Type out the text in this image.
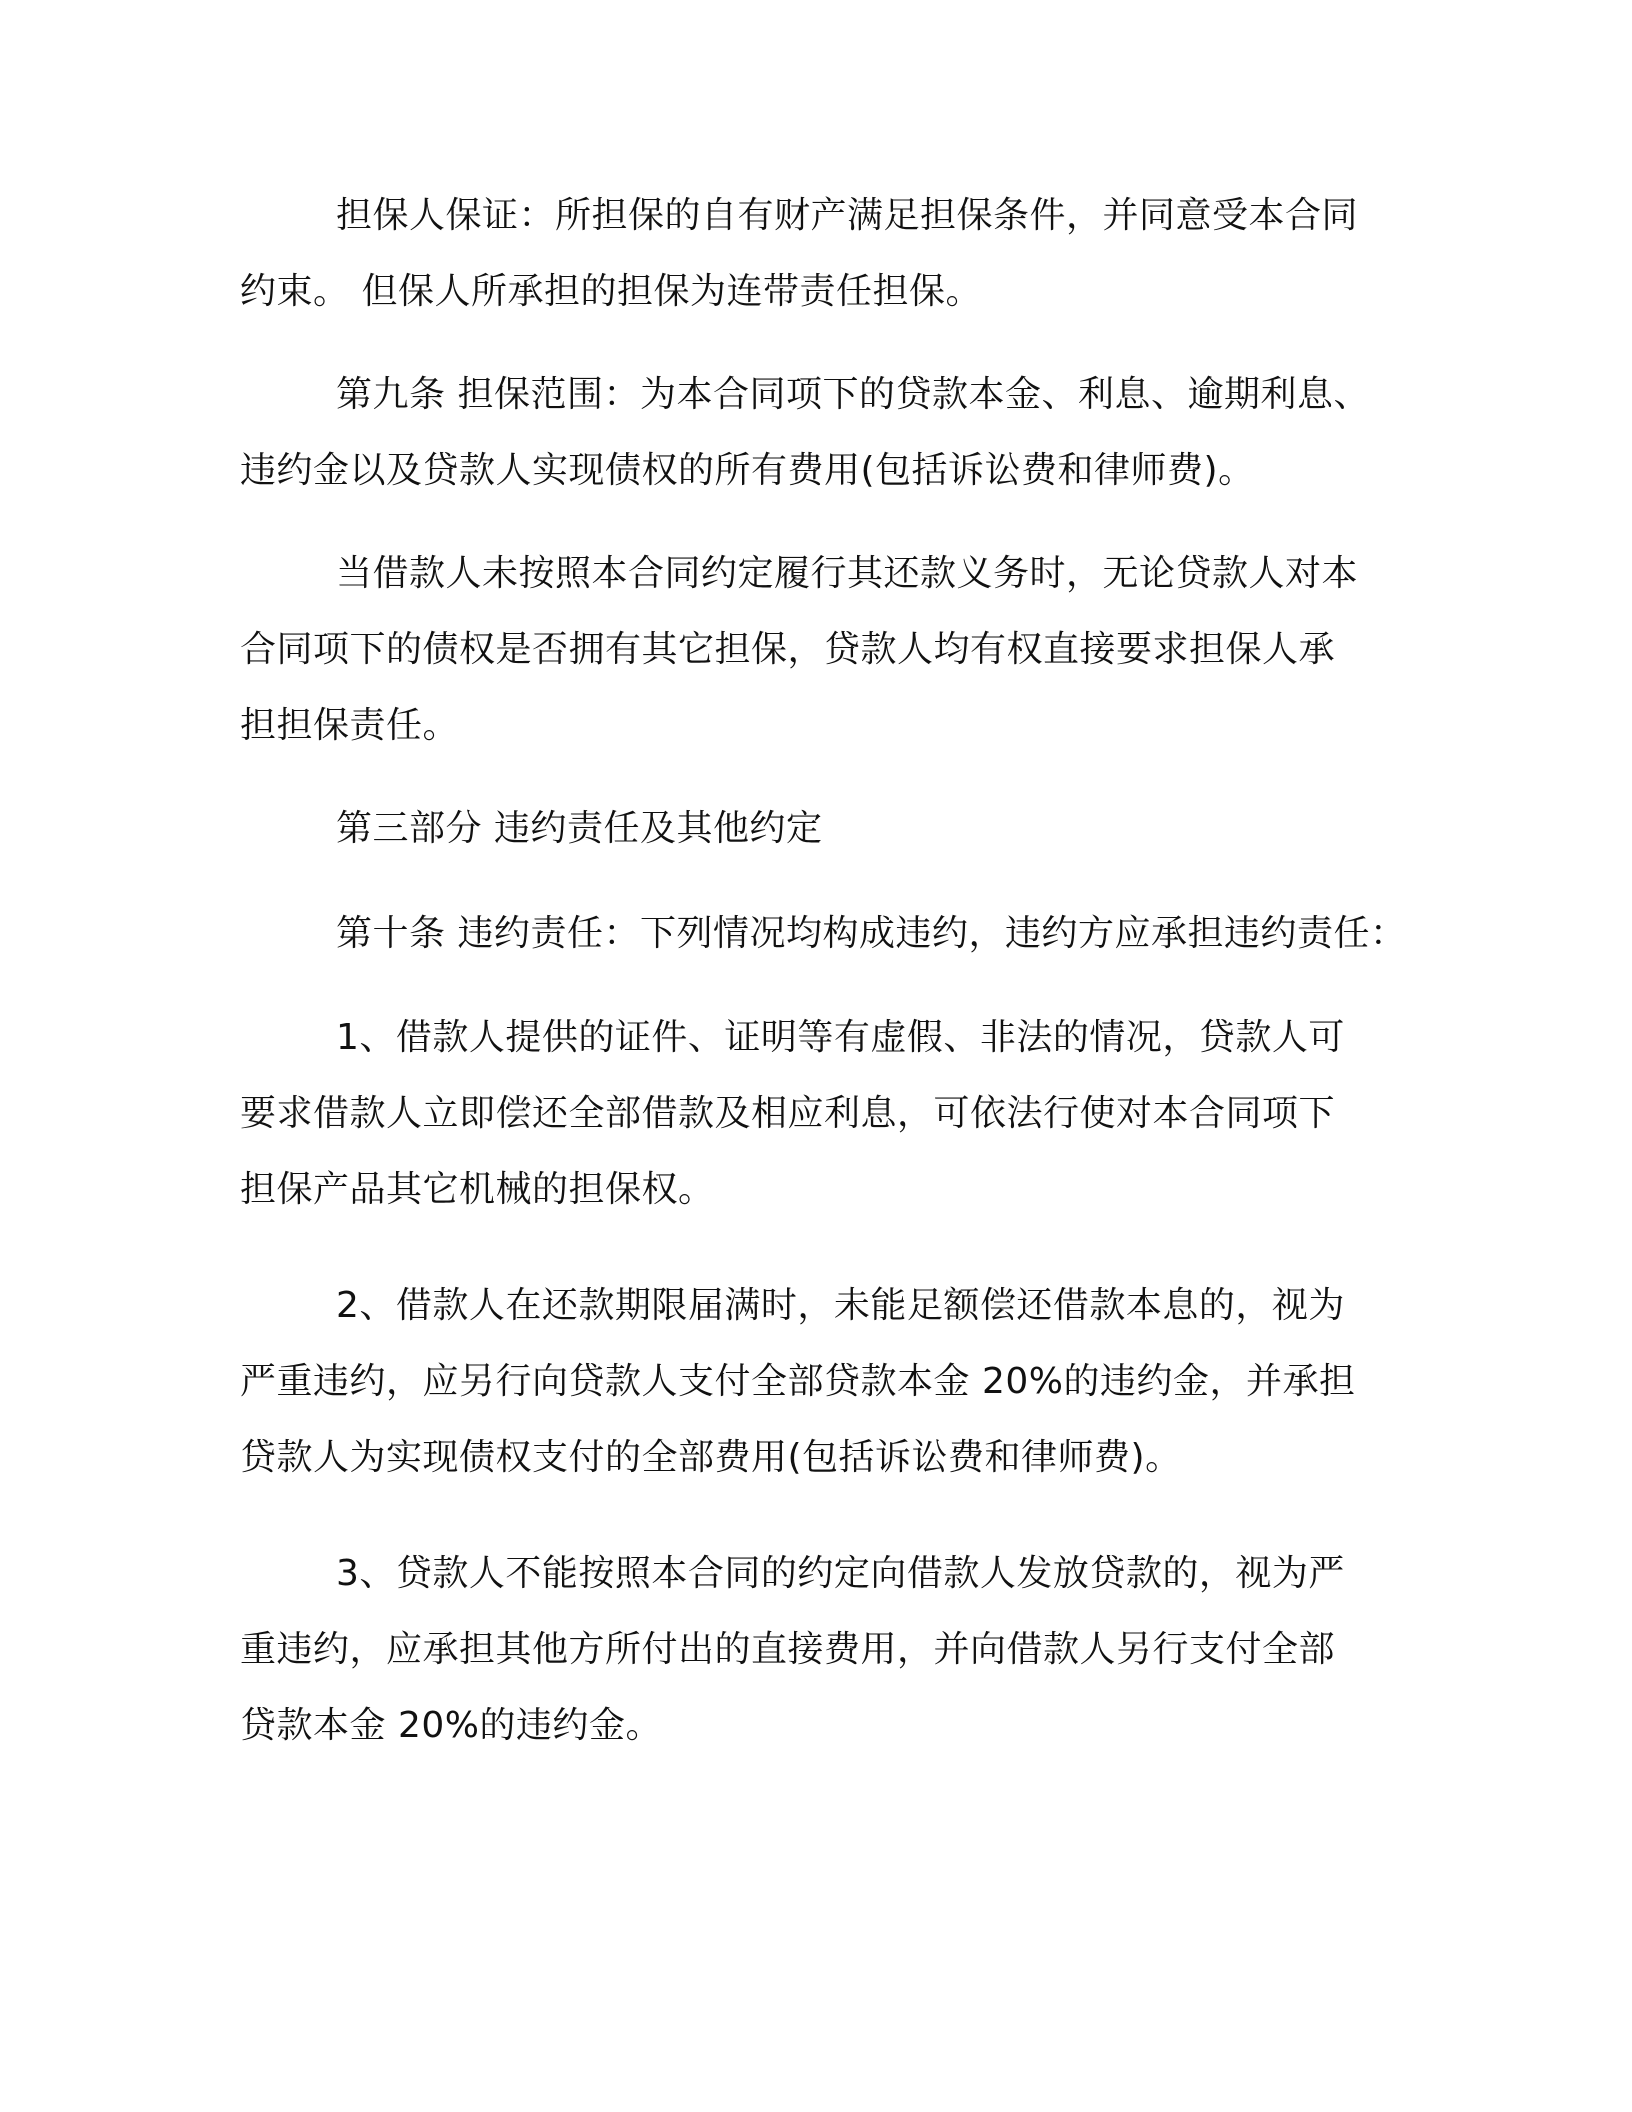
担保人保证：所担保的自有财产满足担保条件，并同意受本合同
约束。 但保人所承担的担保为连带责任担保。

第九条 担保范围：为本合同项下的贷款本金、利息、逾期利息、
违约金以及贷款人实现债权的所有费用(包括诉讼费和律师费)。

当借款人未按照本合同约定履行其还款义务时，无论贷款人对本
合同项下的债权是否拥有其它担保，贷款人均有权直接要求担保人承
担担保责任。

第三部分 违约责任及其他约定

第十条 违约责任：下列情况均构成违约，违约方应承担违约责任：

1、借款人提供的证件、证明等有虚假、非法的情况，贷款人可
要求借款人立即偿还全部借款及相应利息，可依法行使对本合同项下
担保产品其它机械的担保权。

2、借款人在还款期限届满时，未能足额偿还借款本息的，视为
严重违约，应另行向贷款人支付全部贷款本金 20%的违约金，并承担
贷款人为实现债权支付的全部费用(包括诉讼费和律师费)。

3、贷款人不能按照本合同的约定向借款人发放贷款的，视为严
重违约，应承担其他方所付出的直接费用，并向借款人另行支付全部
贷款本金 20%的违约金。
